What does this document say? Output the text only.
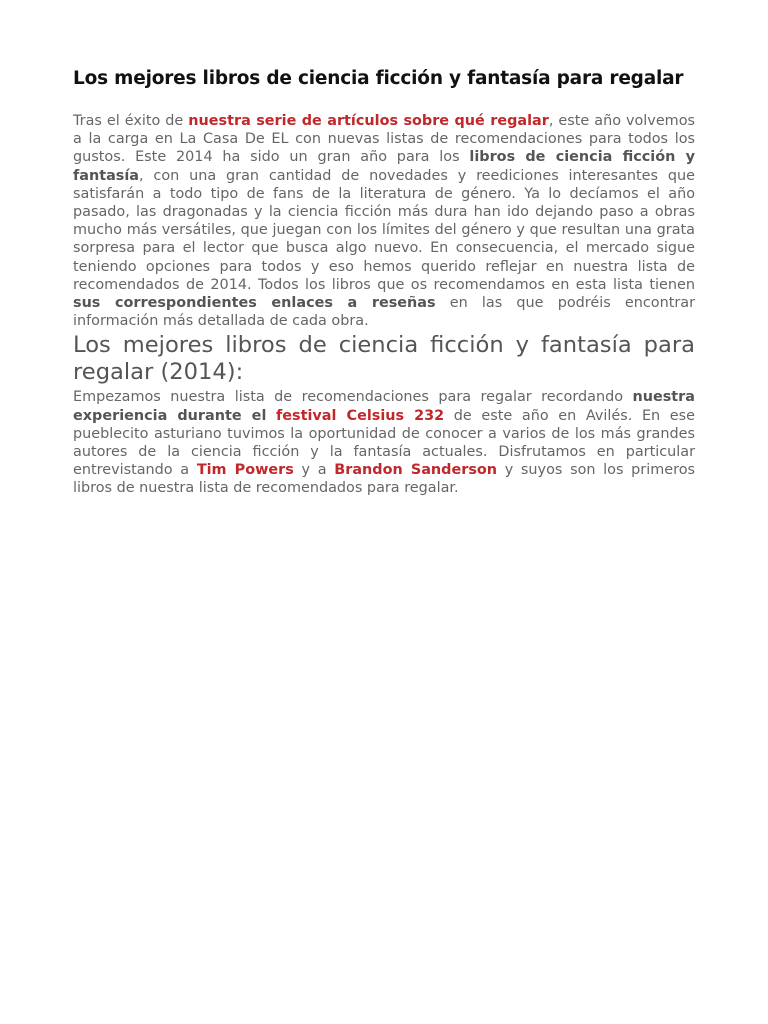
Los mejores libros de ciencia ficción y fantasía para regalar

Tras el éxito de nuestra serie de artículos sobre qué regalar, este año volvemos a la carga en La Casa De EL con nuevas listas de recomendaciones para todos los gustos. Este 2014 ha sido un gran año para los libros de ciencia ficción y fantasía, con una gran cantidad de novedades y reediciones interesantes que satisfarán a todo tipo de fans de la literatura de género. Ya lo decíamos el año pasado, las dragonadas y la ciencia ficción más dura han ido dejando paso a obras mucho más versátiles, que juegan con los límites del género y que resultan una grata sorpresa para el lector que busca algo nuevo. En consecuencia, el mercado sigue teniendo opciones para todos y eso hemos querido reflejar en nuestra lista de recomendados de 2014. Todos los libros que os recomendamos en esta lista tienen sus correspondientes enlaces a reseñas en las que podréis encontrar información más detallada de cada obra.

Los mejores libros de ciencia ficción y fantasía para regalar (2014):

Empezamos nuestra lista de recomendaciones para regalar recordando nuestra experiencia durante el festival Celsius 232 de este año en Avilés. En ese pueblecito asturiano tuvimos la oportunidad de conocer a varios de los más grandes autores de la ciencia ficción y la fantasía actuales. Disfrutamos en particular entrevistando a Tim Powers y a Brandon Sanderson y suyos son los primeros libros de nuestra lista de recomendados para regalar.
